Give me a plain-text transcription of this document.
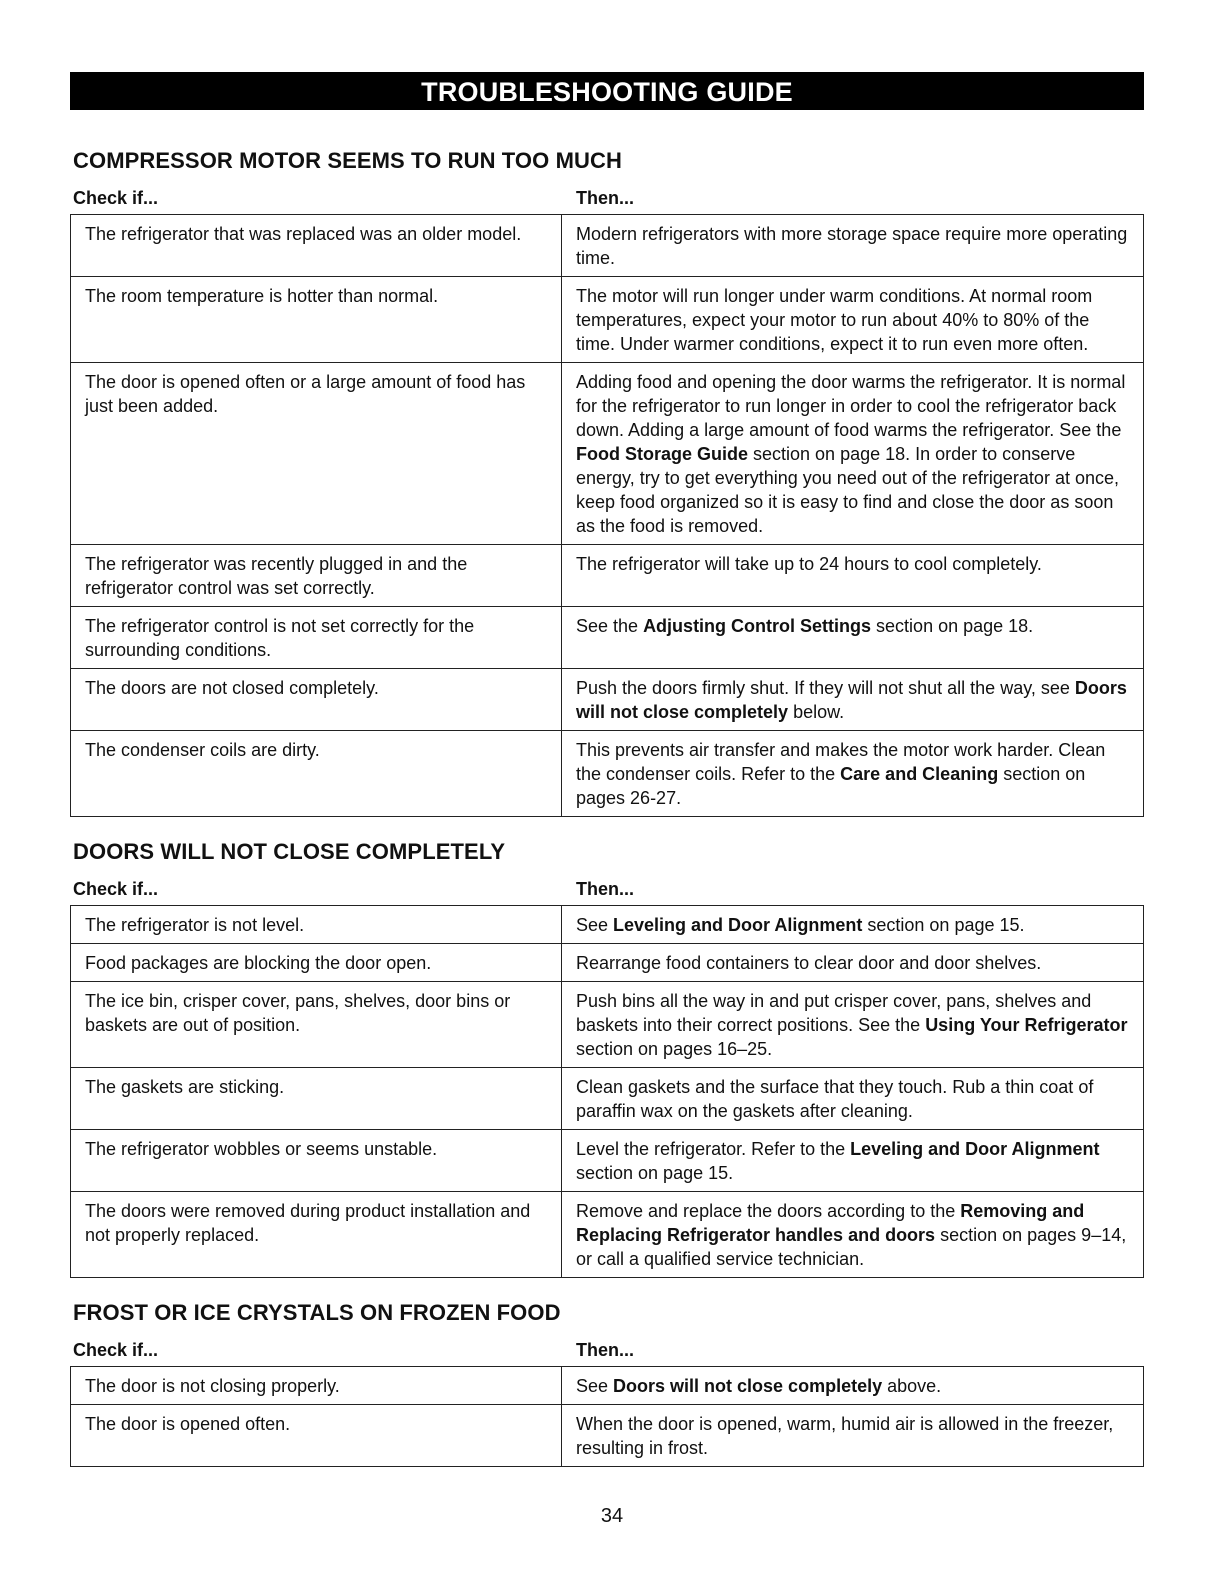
TROUBLESHOOTING GUIDE
COMPRESSOR MOTOR SEEMS TO RUN TOO MUCH
Check if...	Then...
The refrigerator that was replaced was an older model.	Modern refrigerators with more storage space require more operating time.
The room temperature is hotter than normal.	The motor will run longer under warm conditions. At normal room temperatures, expect your motor to run about 40% to 80% of the time. Under warmer conditions, expect it to run even more often.
The door is opened often or a large amount of food has just been added.	Adding food and opening the door warms the refrigerator. It is normal for the refrigerator to run longer in order to cool the refrigerator back down. Adding a large amount of food warms the refrigerator. See the Food Storage Guide section on page 18. In order to conserve energy, try to get everything you need out of the refrigerator at once, keep food organized so it is easy to find and close the door as soon as the food is removed.
The refrigerator was recently plugged in and the refrigerator control was set correctly.	The refrigerator will take up to 24 hours to cool completely.
The refrigerator control is not set correctly for the surrounding conditions.	See the Adjusting Control Settings section on page 18.
The doors are not closed completely.	Push the doors firmly shut. If they will not shut all the way, see Doors will not close completely below.
The condenser coils are dirty.	This prevents air transfer and makes the motor work harder. Clean the condenser coils. Refer to the Care and Cleaning section on pages 26-27.
DOORS WILL NOT CLOSE COMPLETELY
Check if...	Then...
The refrigerator is not level.	See Leveling and Door Alignment section on page 15.
Food packages are blocking the door open.	Rearrange food containers to clear door and door shelves.
The ice bin, crisper cover, pans, shelves, door bins or baskets are out of position.	Push bins all the way in and put crisper cover, pans, shelves and baskets into their correct positions. See the Using Your Refrigerator section on pages 16–25.
The gaskets are sticking.	Clean gaskets and the surface that they touch. Rub a thin coat of paraffin wax on the gaskets after cleaning.
The refrigerator wobbles or seems unstable.	Level the refrigerator. Refer to the Leveling and Door Alignment section on page 15.
The doors were removed during product installation and not properly replaced.	Remove and replace the doors according to the Removing and Replacing Refrigerator handles and doors section on pages 9–14, or call a qualified service technician.
FROST OR ICE CRYSTALS ON FROZEN FOOD
Check if...	Then...
The door is not closing properly.	See Doors will not close completely above.
The door is opened often.	When the door is opened, warm, humid air is allowed in the freezer, resulting in frost.
34
